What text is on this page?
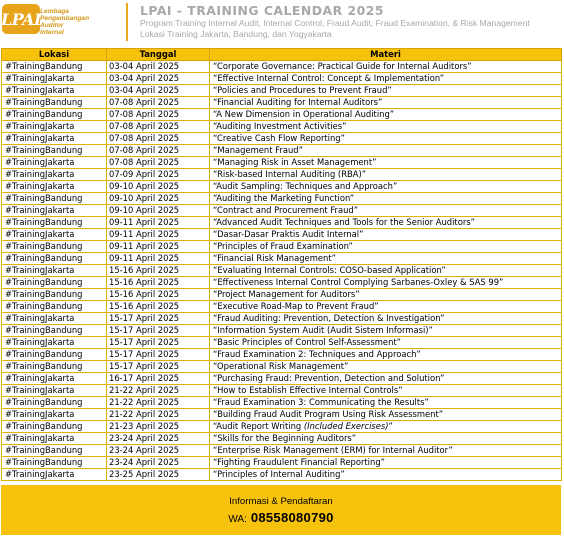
LPAI
Lembaga
Pengembangan
Auditor
Internal
LPAI - TRAINING CALENDAR 2025
Program Training Internal Audit, Internal Control, Fraud Audit, Fraud Examination, & Risk Management
Lokasi Training Jakarta, Bandung, dan Yogyakarta
Lokasi	Tanggal	Materi
#TrainingBandung	03-04 April 2025	“Corporate Governance: Practical Guide for Internal Auditors”
#TrainingJakarta	03-04 April 2025	“Effective Internal Control: Concept & Implementation”
#TrainingJakarta	03-04 April 2025	“Policies and Procedures to Prevent Fraud”
#TrainingBandung	07-08 April 2025	“Financial Auditing for Internal Auditors”
#TrainingBandung	07-08 April 2025	“A New Dimension in Operational Auditing”
#TrainingJakarta	07-08 April 2025	“Auditing Investment Activities”
#TrainingJakarta	07-08 April 2025	“Creative Cash Flow Reporting”
#TrainingBandung	07-08 April 2025	“Management Fraud”
#TrainingJakarta	07-08 April 2025	“Managing Risk in Asset Management”
#TrainingJakarta	07-09 April 2025	“Risk-based Internal Auditing (RBA)”
#TrainingJakarta	09-10 April 2025	“Audit Sampling: Techniques and Approach”
#TrainingBandung	09-10 April 2025	“Auditing the Marketing Function”
#TrainingJakarta	09-10 April 2025	“Contract and Procurement Fraud”
#TrainingBandung	09-11 April 2025	“Advanced Audit Techniques and Tools for the Senior Auditors”
#TrainingJakarta	09-11 April 2025	“Dasar-Dasar Praktis Audit Internal”
#TrainingBandung	09-11 April 2025	“Principles of Fraud Examination”
#TrainingBandung	09-11 April 2025	“Financial Risk Management”
#TrainingJakarta	15-16 April 2025	“Evaluating Internal Controls: COSO-based Application”
#TrainingBandung	15-16 April 2025	“Effectiveness Internal Control Complying Sarbanes-Oxley & SAS 99”
#TrainingBandung	15-16 April 2025	“Project Management for Auditors”
#TrainingBandung	15-16 April 2025	“Executive Road-Map to Prevent Fraud”
#TrainingJakarta	15-17 April 2025	“Fraud Auditing: Prevention, Detection & Investigation”
#TrainingBandung	15-17 April 2025	“Information System Audit (Audit Sistem Informasi)”
#TrainingJakarta	15-17 April 2025	“Basic Principles of Control Self-Assessment”
#TrainingBandung	15-17 April 2025	“Fraud Examination 2: Techniques and Approach”
#TrainingBandung	15-17 April 2025	“Operational Risk Management”
#TrainingJakarta	16-17 April 2025	“Purchasing Fraud: Prevention, Detection and Solution”
#TrainingJakarta	21-22 April 2025	“How to Establish Effective Internal Controls”
#TrainingBandung	21-22 April 2025	“Fraud Examination 3: Communicating the Results”
#TrainingJakarta	21-22 April 2025	“Building Fraud Audit Program Using Risk Assessment”
#TrainingBandung	21-23 April 2025	“Audit Report Writing (Included Exercises)”
#TrainingJakarta	23-24 April 2025	“Skills for the Beginning Auditors”
#TrainingBandung	23-24 April 2025	“Enterprise Risk Management (ERM) for Internal Auditor”
#TrainingBandung	23-24 April 2025	“Fighting Fraudulent Financial Reporting”
#TrainingJakarta	23-25 April 2025	“Principles of Internal Auditing”
Informasi & Pendaftaran
WA: 08558080790
